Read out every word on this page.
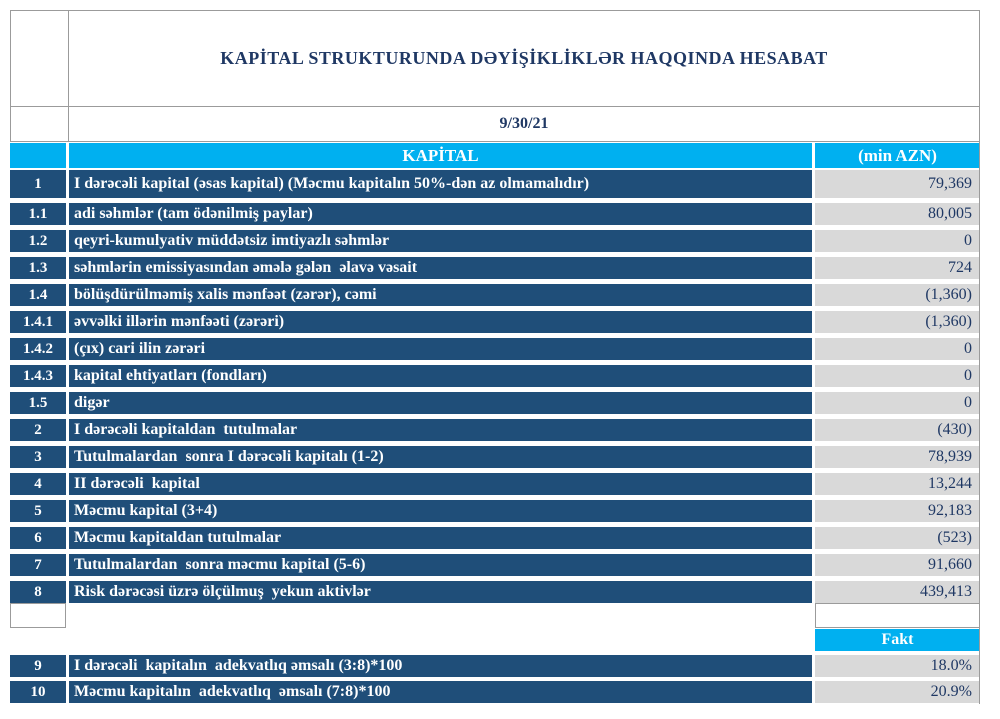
KAPİTAL STRUKTURUNDA DƏYİŞİKLİKLƏR HAQQINDA HESABAT
9/30/21
KAPİTAL	(min AZN)
1	I dərəcəli kapital (əsas kapital) (Məcmu kapitalın 50%-dən az olmamalıdır)	79,369
1.1	adi səhmlər (tam ödənilmiş paylar)	80,005
1.2	qeyri-kumulyativ müddətsiz imtiyazlı səhmlər	0
1.3	səhmlərin emissiyasından əmələ gələn  əlavə vəsait	724
1.4	bölüşdürülməmiş xalis mənfəət (zərər), cəmi	(1,360)
1.4.1	əvvəlki illərin mənfəəti (zərəri)	(1,360)
1.4.2	(çıx) cari ilin zərəri	0
1.4.3	kapital ehtiyatları (fondları)	0
1.5	digər	0
2	I dərəcəli kapitaldan  tutulmalar	(430)
3	Tutulmalardan  sonra I dərəcəli kapitalı (1-2)	78,939
4	II dərəcəli  kapital	13,244
5	Məcmu kapital (3+4)	92,183
6	Məcmu kapitaldan tutulmalar	(523)
7	Tutulmalardan  sonra məcmu kapital (5-6)	91,660
8	Risk dərəcəsi üzrə ölçülmuş  yekun aktivlər	439,413
Fakt
9	I dərəcəli  kapitalın  adekvatlıq əmsalı (3:8)*100	18.0%
10	Məcmu kapitalın  adekvatlıq  əmsalı (7:8)*100	20.9%
